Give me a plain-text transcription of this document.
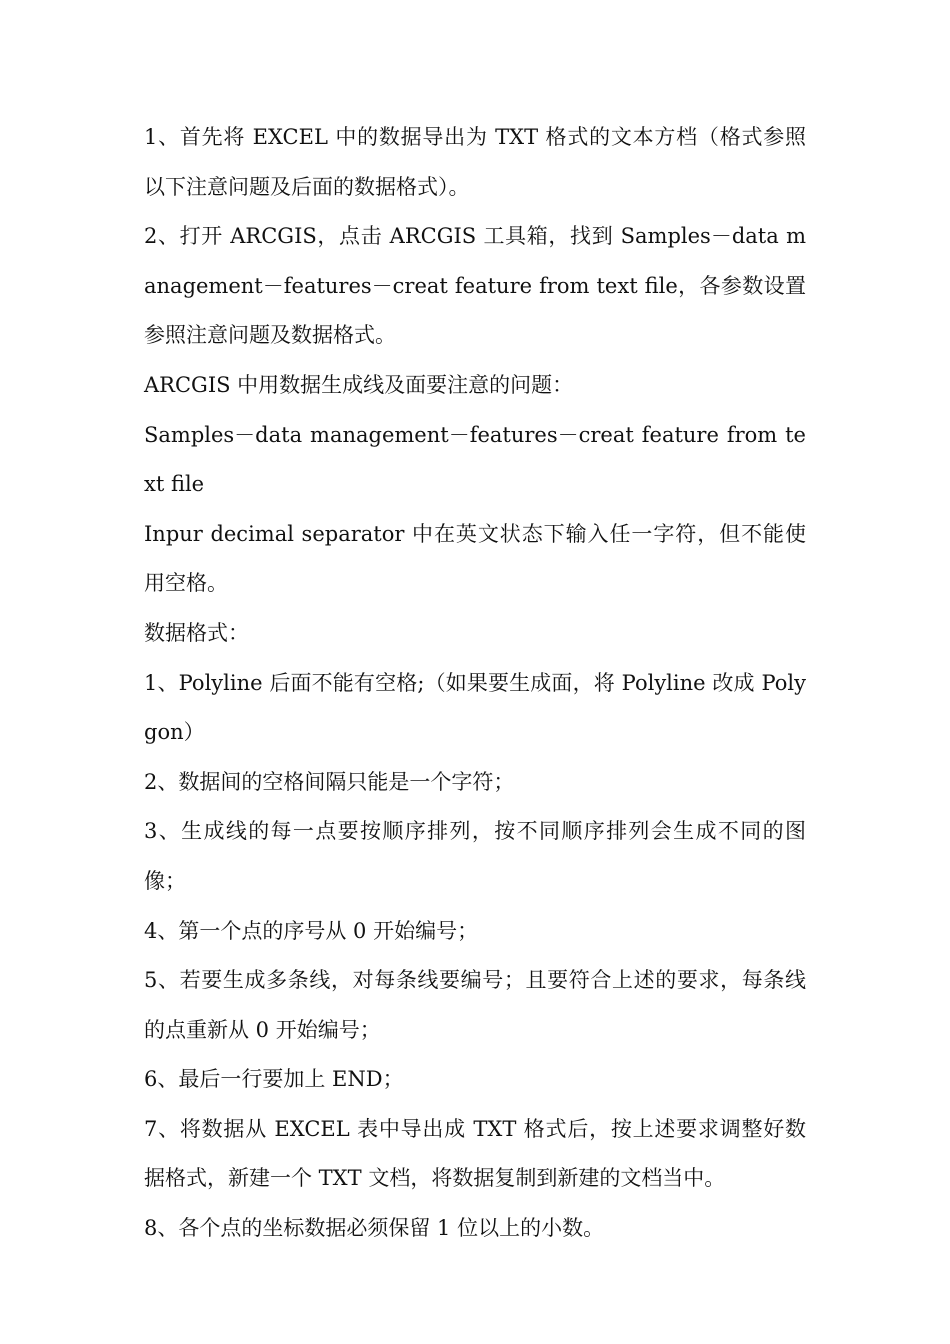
1、首先将 EXCEL 中的数据导出为 TXT 格式的文本方档（格式参照以下注意问题及后面的数据格式）。

2、打开 ARCGIS，点击 ARCGIS 工具箱，找到 Samples－data management－features－creat feature from text file，各参数设置参照注意问题及数据格式。

ARCGIS 中用数据生成线及面要注意的问题：

Samples－data management－features－creat feature from text file

Inpur decimal separator 中在英文状态下输入任一字符，但不能使用空格。

数据格式：

1、Polyline 后面不能有空格;（如果要生成面，将 Polyline 改成 Polygon）

2、数据间的空格间隔只能是一个字符；

3、生成线的每一点要按顺序排列，按不同顺序排列会生成不同的图像；

4、第一个点的序号从 0 开始编号；

5、若要生成多条线，对每条线要编号；且要符合上述的要求，每条线的点重新从 0 开始编号；

6、最后一行要加上 END；

7、将数据从 EXCEL 表中导出成 TXT 格式后，按上述要求调整好数据格式，新建一个 TXT 文档，将数据复制到新建的文档当中。

8、各个点的坐标数据必须保留 1 位以上的小数。
